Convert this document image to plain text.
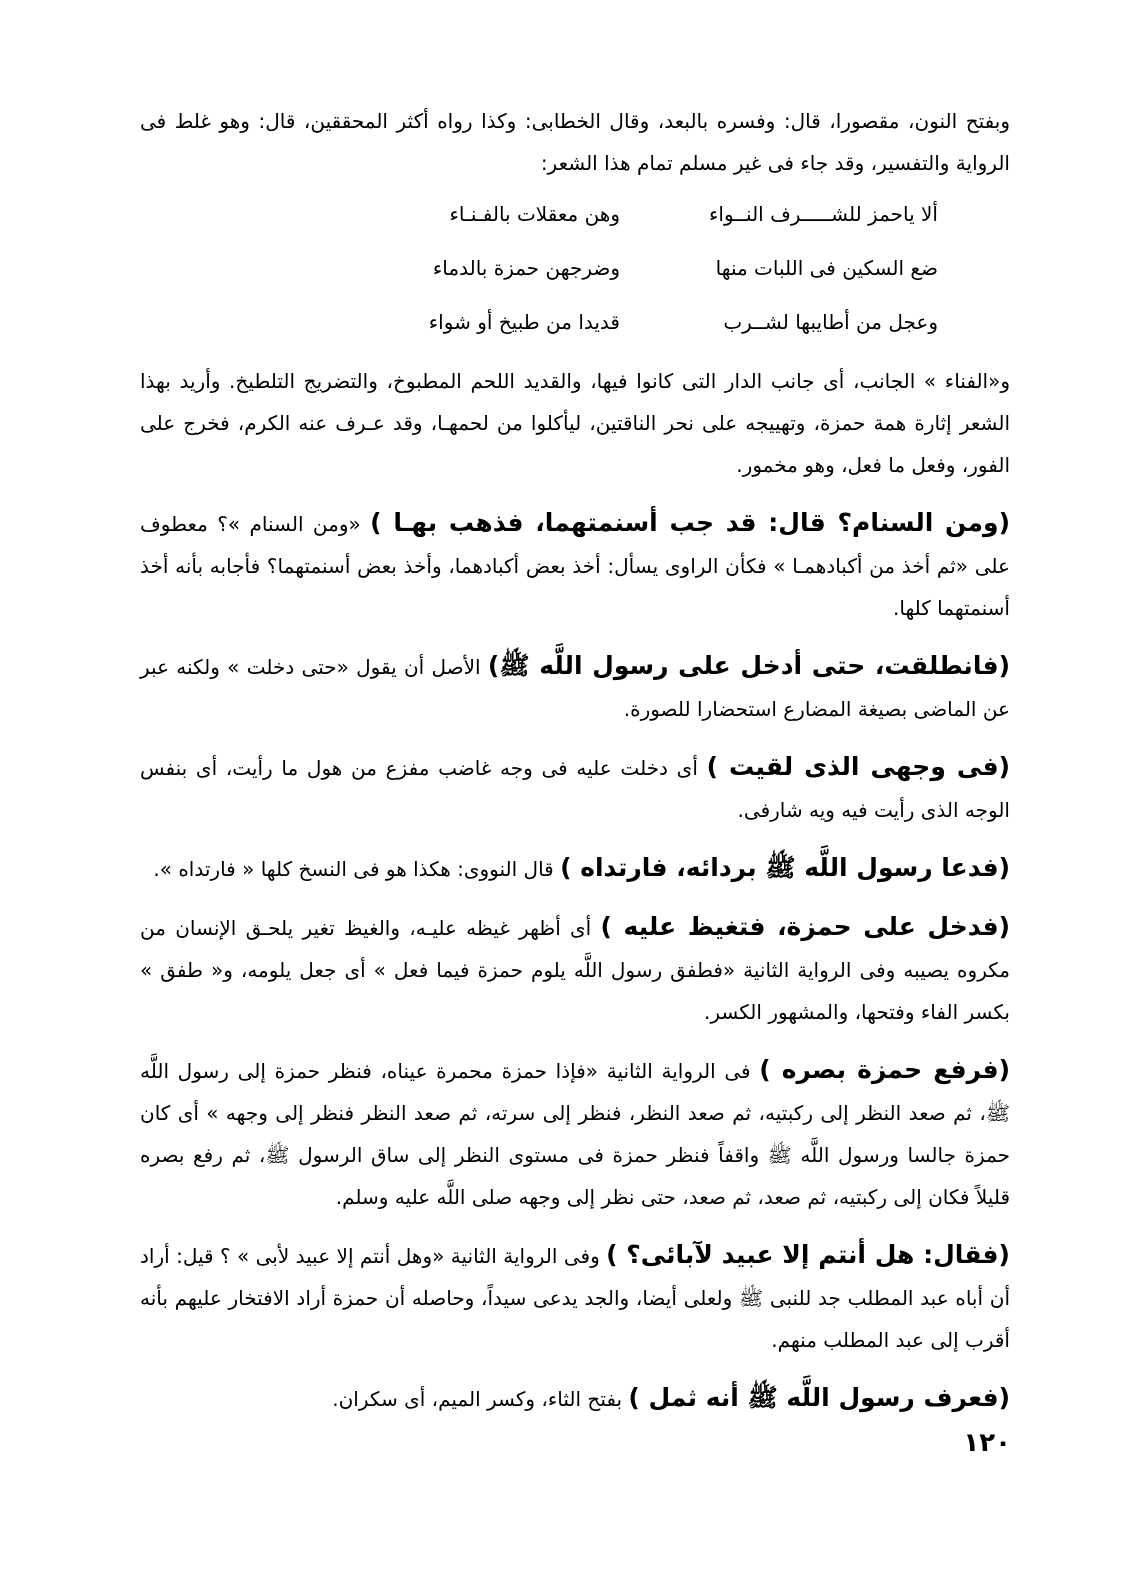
وبفتح النون، مقصورا، قال: وفسره بالبعد، وقال الخطابى: وكذا رواه أكثر المحققين، قال: وهو غلط فى الرواية والتفسير، وقد جاء فى غير مسلم تمام هذا الشعر:

ألا ياحمز للشـــــرف النــواء
وهن معقلات بالفـنـاء
ضع السكين فى اللبات منها
وضرجهن حمزة بالدماء
وعجل من أطايبها لشــرب
قديدا من طبيخ أو شواء

و«الفناء » الجانب، أى جانب الدار التى كانوا فيها، والقديد اللحم المطبوخ، والتضريج التلطيخ. وأريد بهذا الشعر إثارة همة حمزة، وتهييجه على نحر الناقتين، ليأكلوا من لحمهـا، وقد عـرف عنه الكرم، فخرج على الفور، وفعل ما فعل، وهو مخمور.

(ومن السنام؟ قال: قد جب أسنمتهما، فذهب بهـا ) «ومن السنام »؟ معطوف على «ثم أخذ من أكبادهمـا » فكأن الراوى يسأل: أخذ بعض أكبادهما، وأخذ بعض أسنمتهما؟ فأجابه بأنه أخذ أسنمتهما كلها.

(فانطلقت، حتى أدخل على رسول اللَّه ﷺ) الأصل أن يقول «حتى دخلت » ولكنه عبر عن الماضى بصيغة المضارع استحضارا للصورة.

(فى وجهى الذى لقيت ) أى دخلت عليه فى وجه غاضب مفزع من هول ما رأيت، أى بنفس الوجه الذى رأيت فيه ويه شارفى.

(فدعا رسول اللَّه ﷺ بردائه، فارتداه ) قال النووى: هكذا هو فى النسخ كلها « فارتداه ».

(فدخل على حمزة، فتغيظ عليه ) أى أظهر غيظه عليـه، والغيظ تغير يلحـق الإنسان من مكروه يصيبه وفى الرواية الثانية «فطفق رسول اللَّه يلوم حمزة فيما فعل » أى جعل يلومه، و« طفق » بكسر الفاء وفتحها، والمشهور الكسر.

(فرفع حمزة بصره ) فى الرواية الثانية «فإذا حمزة محمرة عيناه، فنظر حمزة إلى رسول اللَّه ﷺ، ثم صعد النظر إلى ركبتيه، ثم صعد النظر، فنظر إلى سرته، ثم صعد النظر فنظر إلى وجهه » أى كان حمزة جالسا ورسول اللَّه ﷺ واقفاً فنظر حمزة فى مستوى النظر إلى ساق الرسول ﷺ، ثم رفع بصره قليلاً فكان إلى ركبتيه، ثم صعد، ثم صعد، حتى نظر إلى وجهه صلى اللَّه عليه وسلم.

(فقال: هل أنتم إلا عبيد لآبائى؟ ) وفى الرواية الثانية «وهل أنتم إلا عبيد لأبى » ؟ قيل: أراد أن أباه عبد المطلب جد للنبى ﷺ ولعلى أيضا، والجد يدعى سيداً، وحاصله أن حمزة أراد الافتخار عليهم بأنه أقرب إلى عبد المطلب منهم.

(فعرف رسول اللَّه ﷺ أنه ثمل ) بفتح الثاء، وكسر الميم، أى سكران.

١٢٠
